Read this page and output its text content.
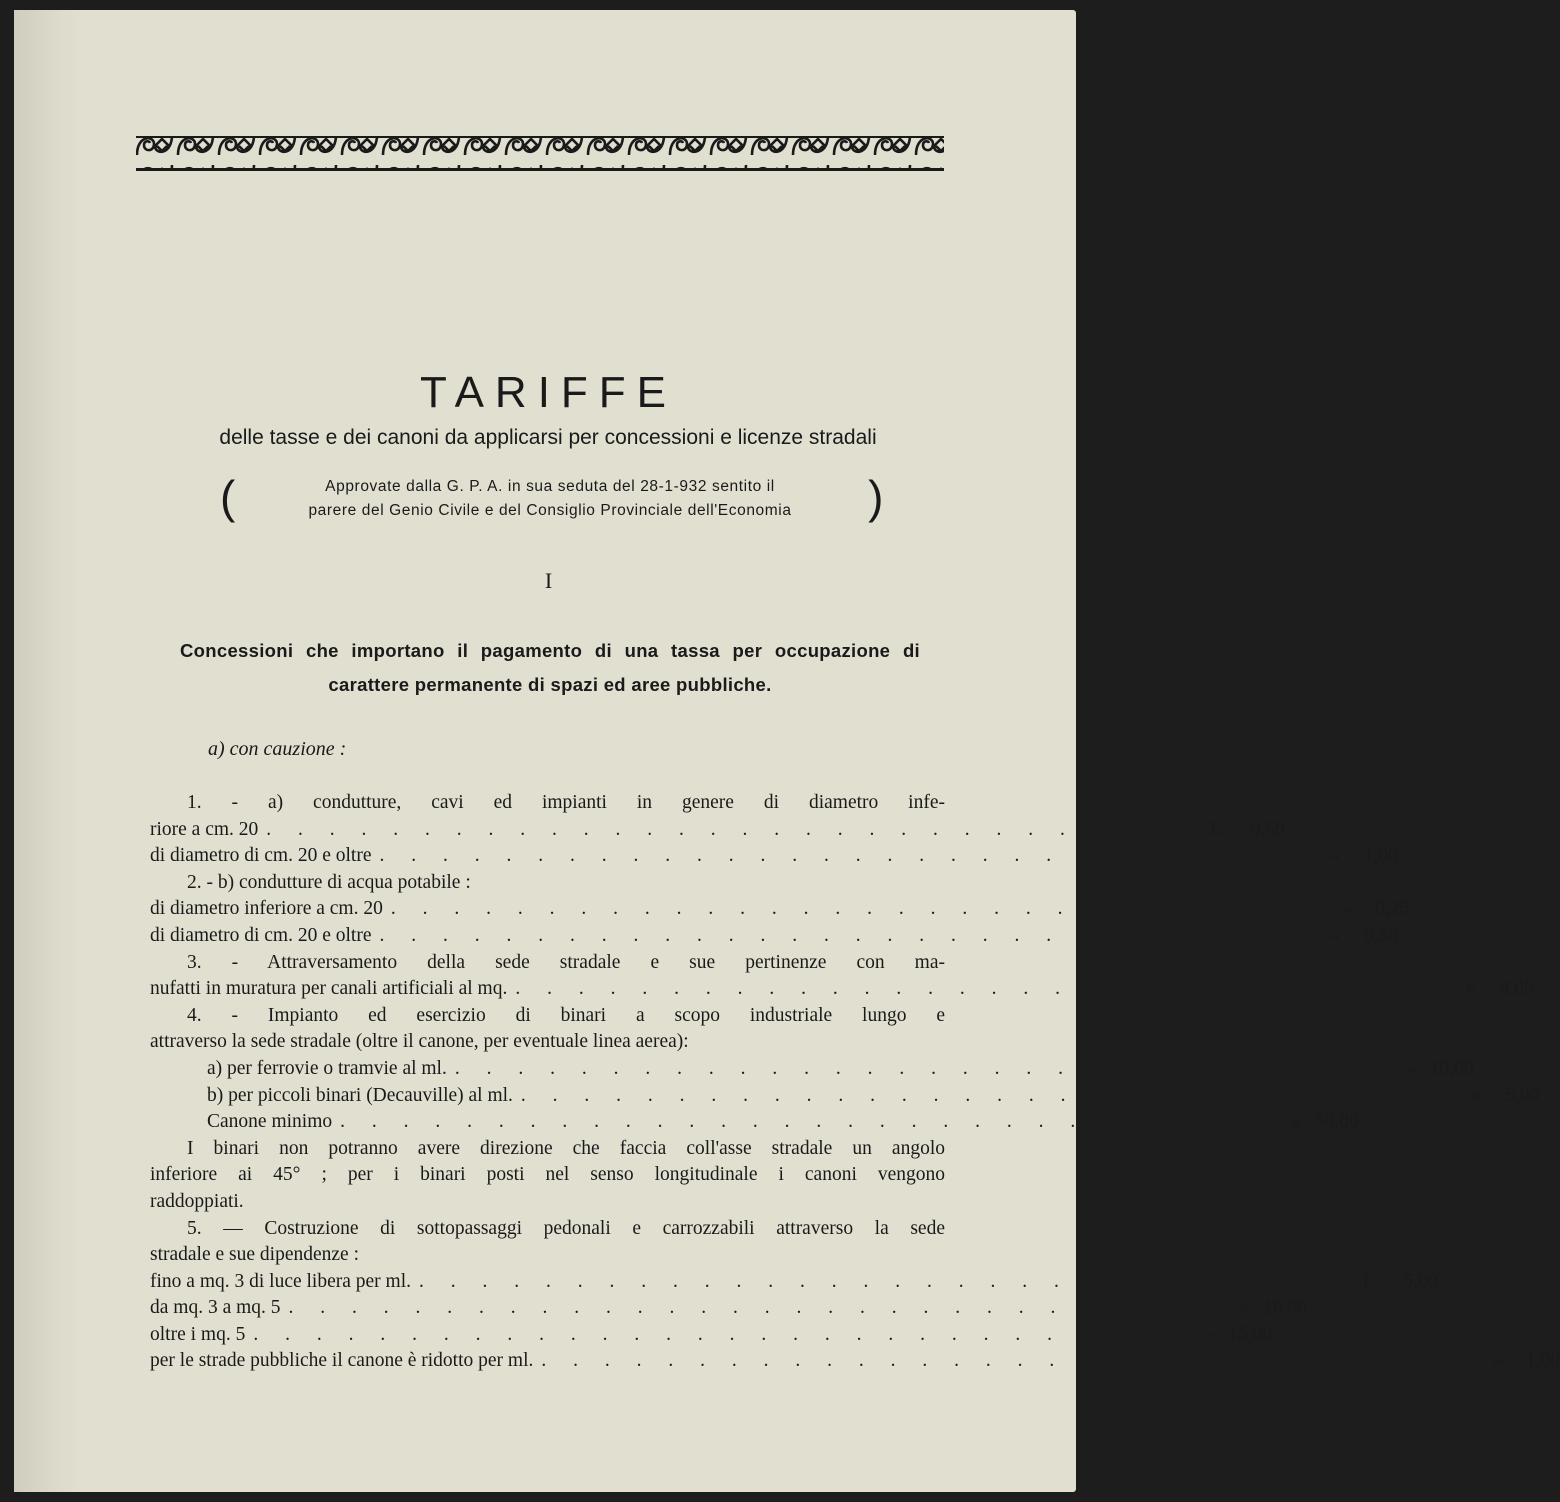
TARIFFE
delle tasse e dei canoni da applicarsi per concessioni e licenze stradali
(	Approvate dalla G. P. A. in sua seduta del 28-1-932 sentito il
parere del Genio Civile e del Consiglio Provinciale dell'Economia	)
I
Concessioni che importano il pagamento di una tassa per occupazione di
carattere permanente di spazi ed aree pubbliche.
a) con cauzione :
1. - a) condutture, cavi ed impianti in genere di diametro infe-
riore a cm. 20 . . . . . . . . . . . . . . . . . . . . . . . . . . . . . . L.	0,50
di diametro di cm. 20 e oltre . . . . . . . . . . . . . . . . . . . . . . . . . . . . . . »	1,00
2. - b) condutture di acqua potabile :
di diametro inferiore a cm. 20 . . . . . . . . . . . . . . . . . . . . . . . . . . . . . . »	0,25
di diametro di cm. 20 e oltre . . . . . . . . . . . . . . . . . . . . . . . . . . . . . . »	0,50
3. - Attraversamento della sede stradale e sue pertinenze con ma-
nufatti in muratura per canali artificiali al mq. . . . . . . . . . . . . . . . . . . . . . . . . . . . . . . »	4,00
4. - Impianto ed esercizio di binari a scopo industriale lungo e
attraverso la sede stradale (oltre il canone, per eventuale linea aerea):
a) per ferrovie o tramvie al ml. . . . . . . . . . . . . . . . . . . . . . . . . . . . . . . » 10,00
b) per piccoli binari (Decauville) al ml. . . . . . . . . . . . . . . . . . . . . . . . . . . . . . . »	5,00
Canone minimo . . . . . . . . . . . . . . . . . . . . . . . . . . . . . . » 50,00
I binari non potranno avere direzione che faccia coll'asse stradale un angolo
inferiore ai 45° ; per i binari posti nel senso longitudinale i canoni vengono
raddoppiati.
5. — Costruzione di sottopassaggi pedonali e carrozzabili attraverso la sede
stradale e sue dipendenze :
fino a mq. 3 di luce libera per ml. . . . . . . . . . . . . . . . . . . . . . . . . . . . . . . L.	5,00
da mq. 3 a mq. 5 . . . . . . . . . . . . . . . . . . . . . . . . . . . . . . » 10,00
oltre i mq. 5 . . . . . . . . . . . . . . . . . . . . . . . . . . . . . . » 15,00
per le strade pubbliche il canone è ridotto per ml. . . . . . . . . . . . . . . . . . . . . . . . . . . . . . . »	1,00
